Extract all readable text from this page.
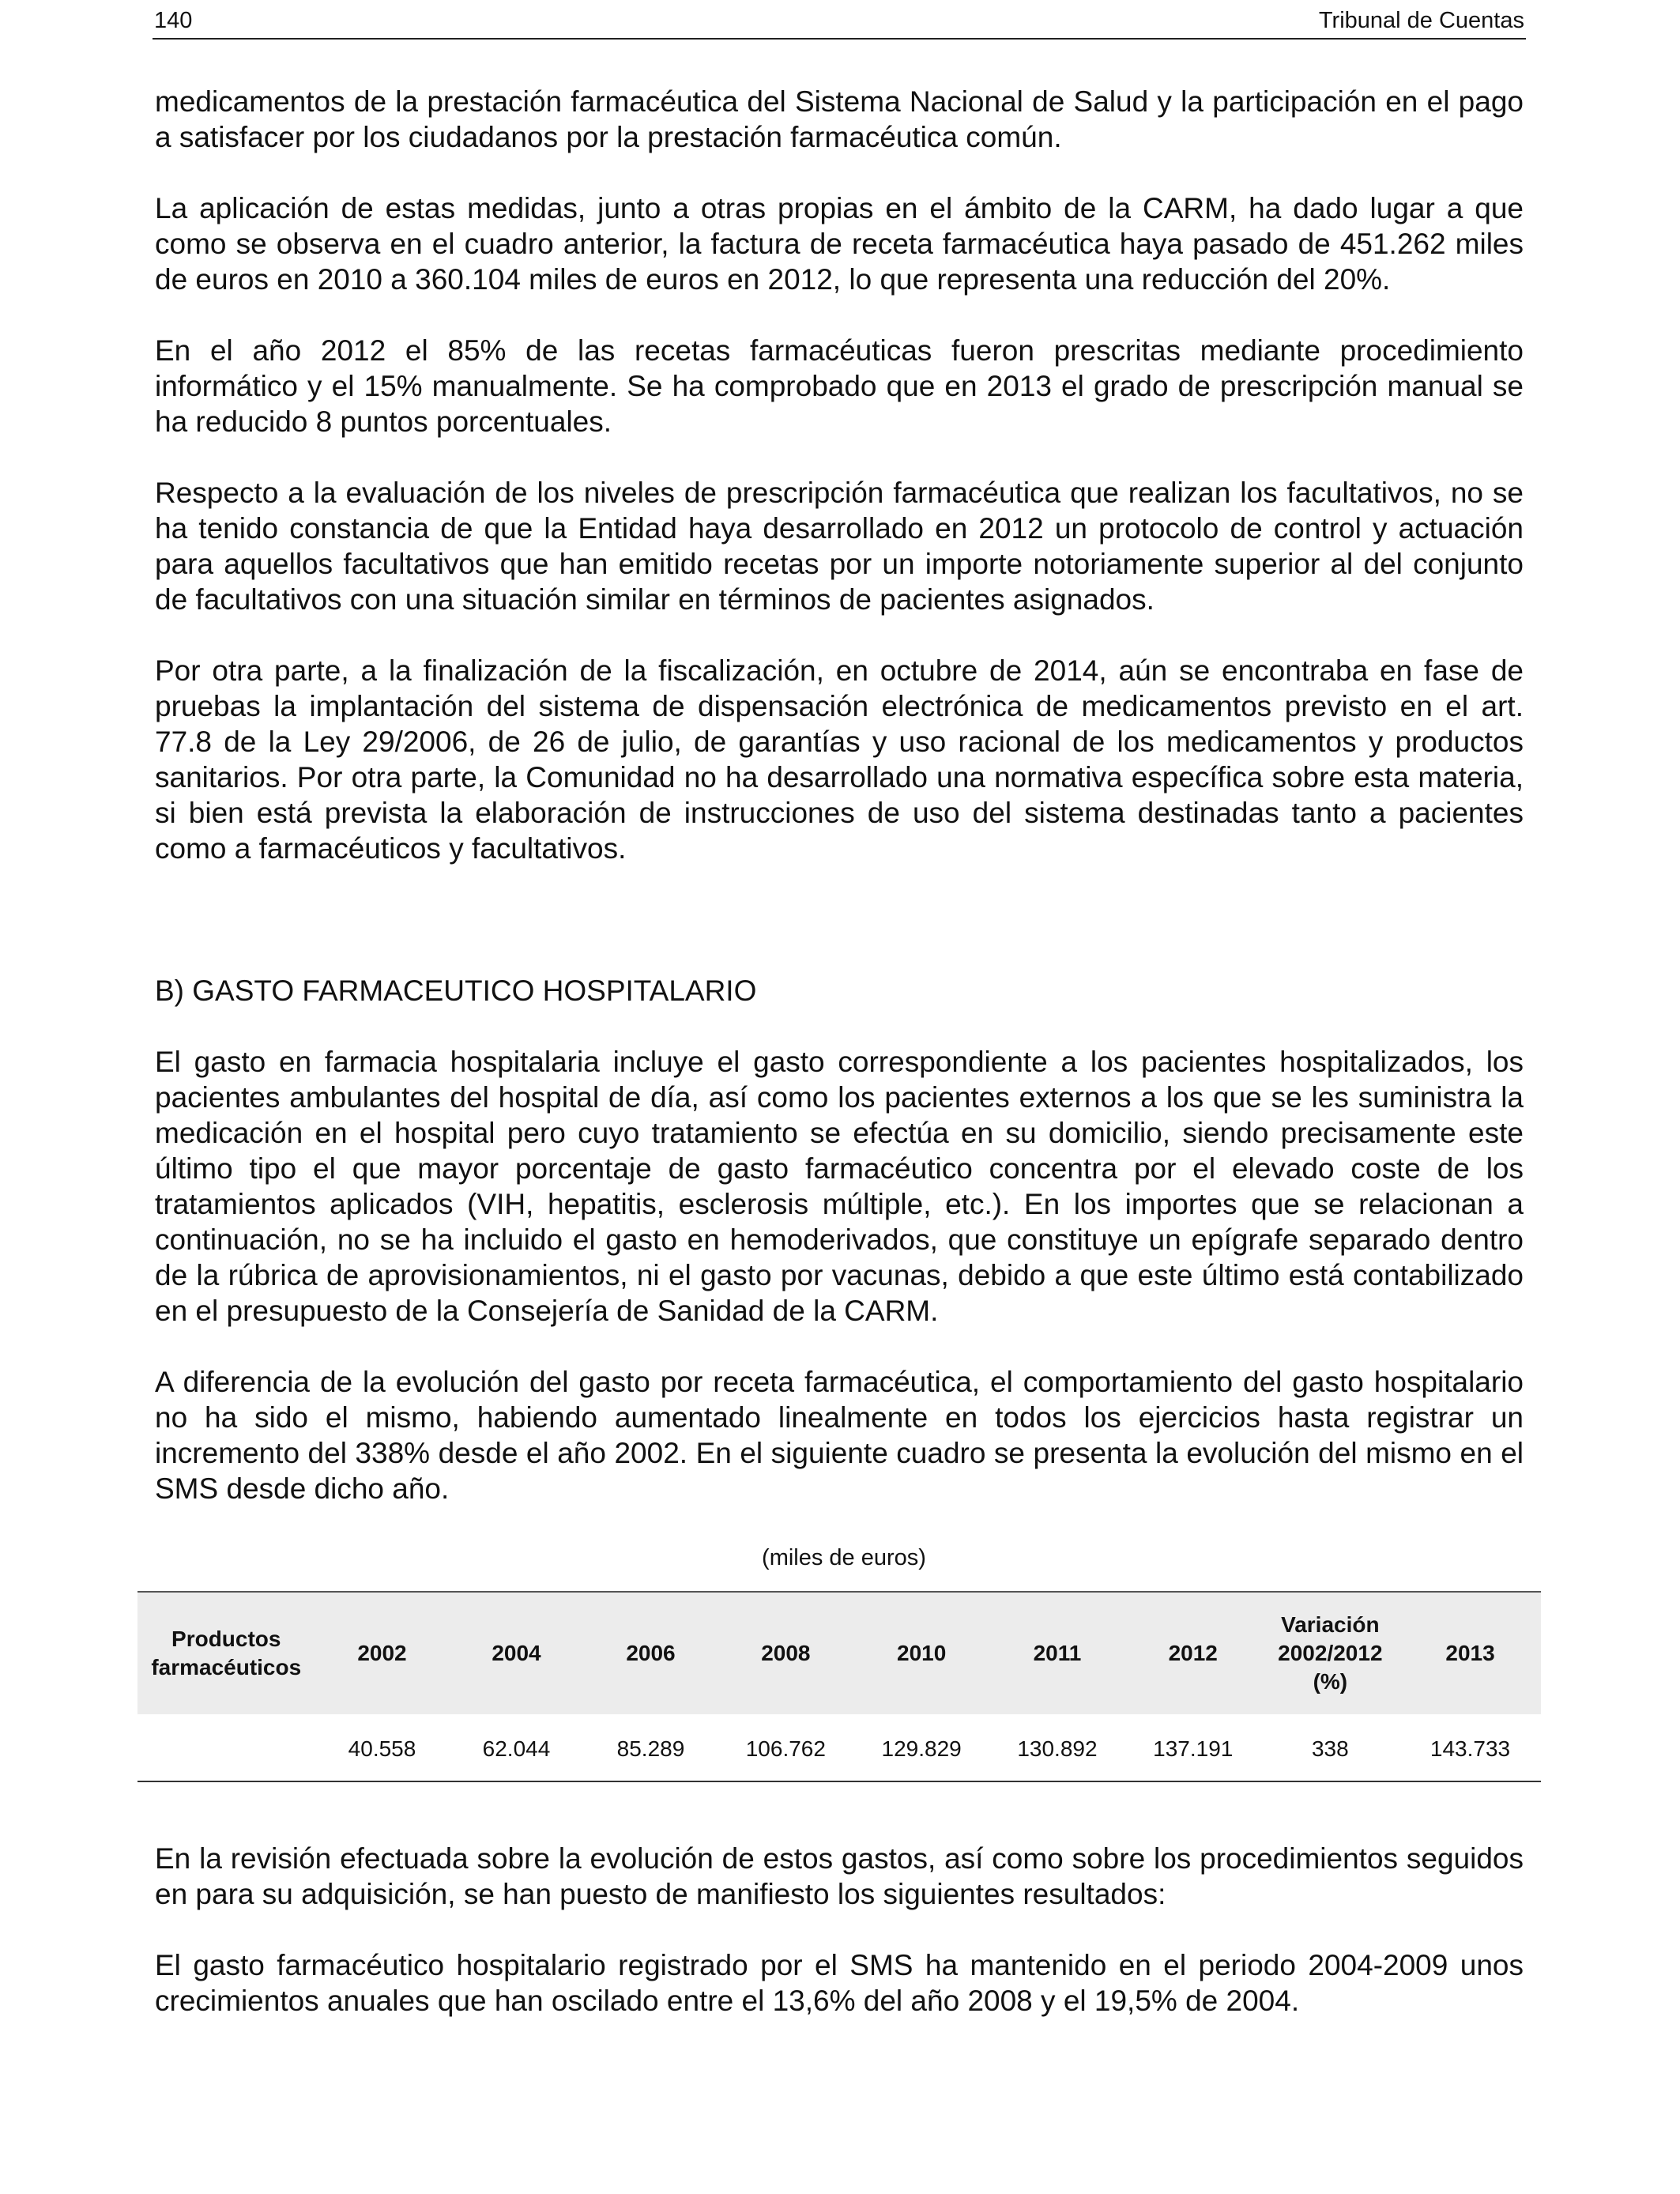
140	Tribunal de Cuentas

medicamentos de la prestación farmacéutica del Sistema Nacional de Salud y la participación en el pago a satisfacer por los ciudadanos por la prestación farmacéutica común.

La aplicación de estas medidas, junto a otras propias en el ámbito de la CARM, ha dado lugar a que como se observa en el cuadro anterior, la factura de receta farmacéutica haya pasado de 451.262 miles de euros en 2010 a 360.104 miles de euros en 2012, lo que representa una reducción del 20%.

En el año 2012 el 85% de las recetas farmacéuticas fueron prescritas mediante procedimiento informático y el 15% manualmente. Se ha comprobado que en 2013 el grado de prescripción manual se ha reducido 8 puntos porcentuales.

Respecto a la evaluación de los niveles de prescripción farmacéutica que realizan los facultativos, no se ha tenido constancia de que la Entidad haya desarrollado en 2012 un protocolo de control y actuación para aquellos facultativos que han emitido recetas por un importe notoriamente superior al del conjunto de facultativos con una situación similar en términos de pacientes asignados.

Por otra parte, a la finalización de la fiscalización, en octubre de 2014, aún se encontraba en fase de pruebas la implantación del sistema de dispensación electrónica de medicamentos previsto en el art. 77.8 de la Ley 29/2006, de 26 de julio, de garantías y uso racional de los medicamentos y productos sanitarios. Por otra parte, la Comunidad no ha desarrollado una normativa específica sobre esta materia, si bien está prevista la elaboración de instrucciones de uso del sistema destinadas tanto a pacientes como a farmacéuticos y facultativos.

B) GASTO FARMACEUTICO HOSPITALARIO

El gasto en farmacia hospitalaria incluye el gasto correspondiente a los pacientes hospitalizados, los pacientes ambulantes del hospital de día, así como los pacientes externos a los que se les suministra la medicación en el hospital pero cuyo tratamiento se efectúa en su domicilio, siendo precisamente este último tipo el que mayor porcentaje de gasto farmacéutico concentra por el elevado coste de los tratamientos aplicados (VIH, hepatitis, esclerosis múltiple, etc.). En los importes que se relacionan a continuación, no se ha incluido el gasto en hemoderivados, que constituye un epígrafe separado dentro de la rúbrica de aprovisionamientos, ni el gasto por vacunas, debido a que este último está contabilizado en el presupuesto de la Consejería de Sanidad de la CARM.

A diferencia de la evolución del gasto por receta farmacéutica, el comportamiento del gasto hospitalario no ha sido el mismo, habiendo aumentado linealmente en todos los ejercicios hasta registrar un incremento del 338% desde el año 2002. En el siguiente cuadro se presenta la evolución del mismo en el SMS desde dicho año.

(miles de euros)
Productos farmacéuticos	2002	2004	2006	2008	2010	2011	2012	Variación 2002/2012 (%)	2013
	40.558	62.044	85.289	106.762	129.829	130.892	137.191	338	143.733

En la revisión efectuada sobre la evolución de estos gastos, así como sobre los procedimientos seguidos en para su adquisición, se han puesto de manifiesto los siguientes resultados:

El gasto farmacéutico hospitalario registrado por el SMS ha mantenido en el periodo 2004-2009 unos crecimientos anuales que han oscilado entre el 13,6% del año 2008 y el 19,5% de 2004.
